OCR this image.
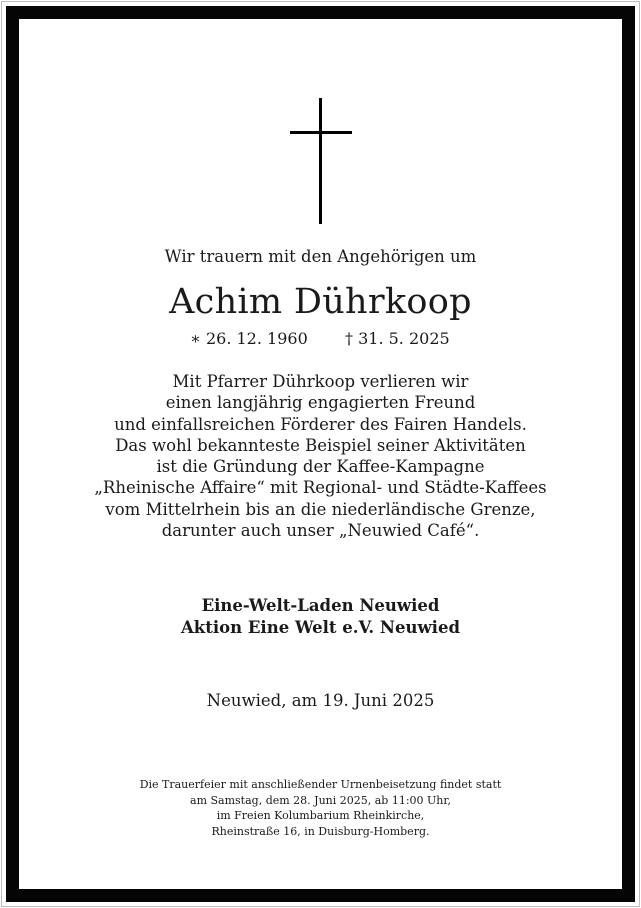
Wir trauern mit den Angehörigen um
Achim Dührkoop
∗ 26. 12. 1960 † 31. 5. 2025
Mit Pfarrer Dührkoop verlieren wir
einen langjährig engagierten Freund
und einfallsreichen Förderer des Fairen Handels.
Das wohl bekannteste Beispiel seiner Aktivitäten
ist die Gründung der Kaffee-Kampagne
„Rheinische Affaire“ mit Regional- und Städte-Kaffees
vom Mittelrhein bis an die niederländische Grenze,
darunter auch unser „Neuwied Café“.
Eine-Welt-Laden Neuwied
Aktion Eine Welt e.V. Neuwied
Neuwied, am 19. Juni 2025
Die Trauerfeier mit anschließender Urnenbeisetzung findet statt
am Samstag, dem 28. Juni 2025, ab 11:00 Uhr,
im Freien Kolumbarium Rheinkirche,
Rheinstraße 16, in Duisburg-Homberg.
